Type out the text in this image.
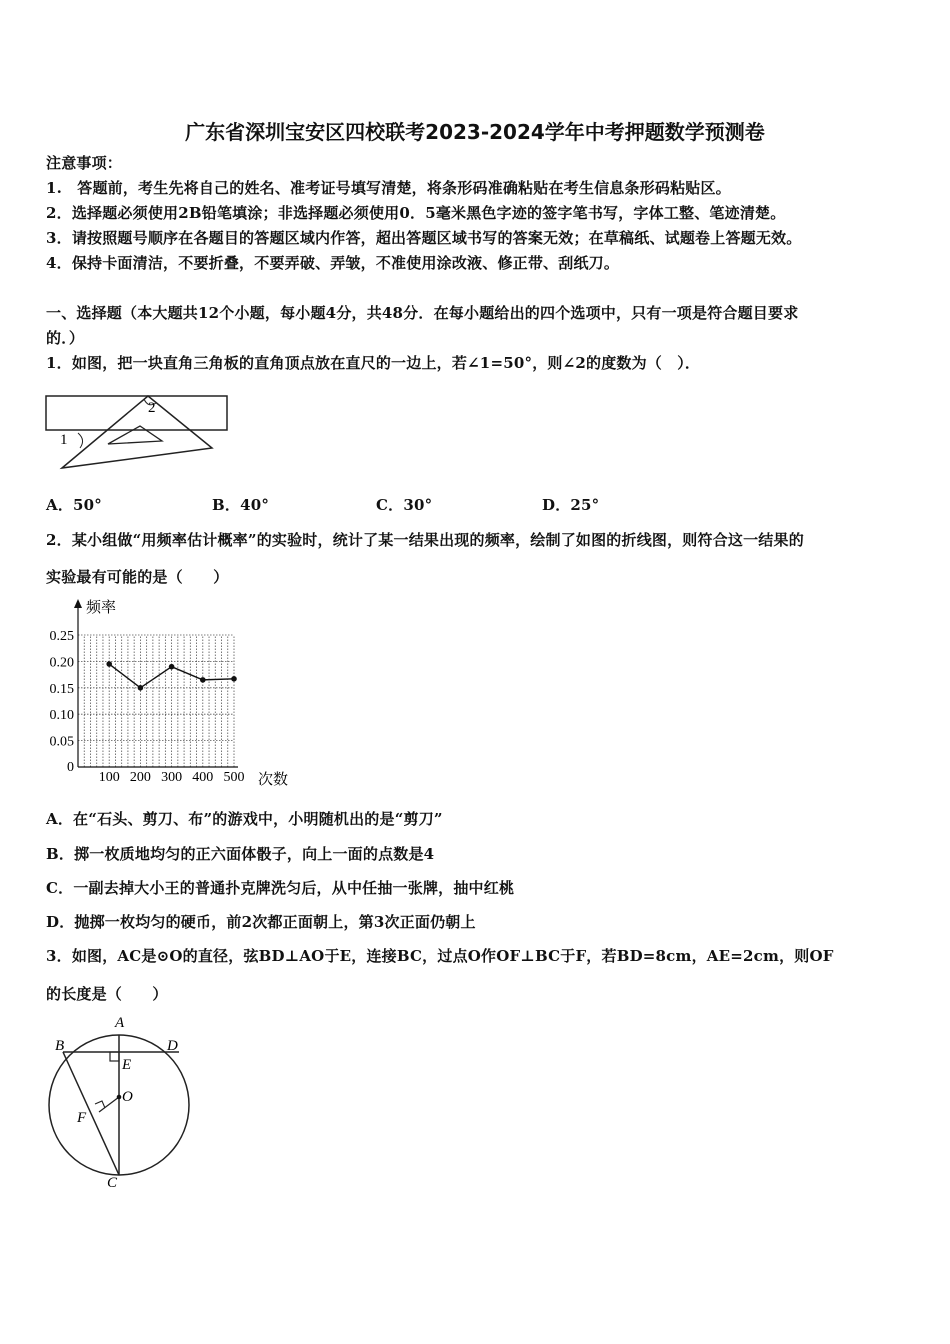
广东省深圳宝安区四校联考2023-2024学年中考押题数学预测卷
注意事项：
1.　答题前，考生先将自己的姓名、准考证号填写清楚，将条形码准确粘贴在考生信息条形码粘贴区。
2．选择题必须使用2B铅笔填涂；非选择题必须使用0．5毫米黑色字迹的签字笔书写，字体工整、笔迹清楚。
3．请按照题号顺序在各题目的答题区域内作答，超出答题区域书写的答案无效；在草稿纸、试题卷上答题无效。
4．保持卡面清洁，不要折叠，不要弄破、弄皱，不准使用涂改液、修正带、刮纸刀。
一、选择题（本大题共12个小题，每小题4分，共48分．在每小题给出的四个选项中，只有一项是符合题目要求
的．）
1．如图，把一块直角三角板的直角顶点放在直尺的一边上，若∠1=50°，则∠2的度数为（　）．
1
2
A．50°	B．40°	C．30°	D．25°
2．某小组做“用频率估计概率”的实验时，统计了某一结果出现的频率，绘制了如图的折线图，则符合这一结果的
实验最有可能的是（　　）
频率
次数
0
0.05
0.10
0.15
0.20
0.25
100 200 300 400 500
A．在“石头、剪刀、布”的游戏中，小明随机出的是“剪刀”
B．掷一枚质地均匀的正六面体骰子，向上一面的点数是4
C．一副去掉大小王的普通扑克牌洗匀后，从中任抽一张牌，抽中红桃
D．抛掷一枚均匀的硬币，前2次都正面朝上，第3次正面仍朝上
3．如图，AC是⊙O的直径，弦BD⊥AO于E，连接BC，过点O作OF⊥BC于F，若BD=8cm，AE=2cm，则OF
的长度是（　　）
A
B	D
E
O
F
C
